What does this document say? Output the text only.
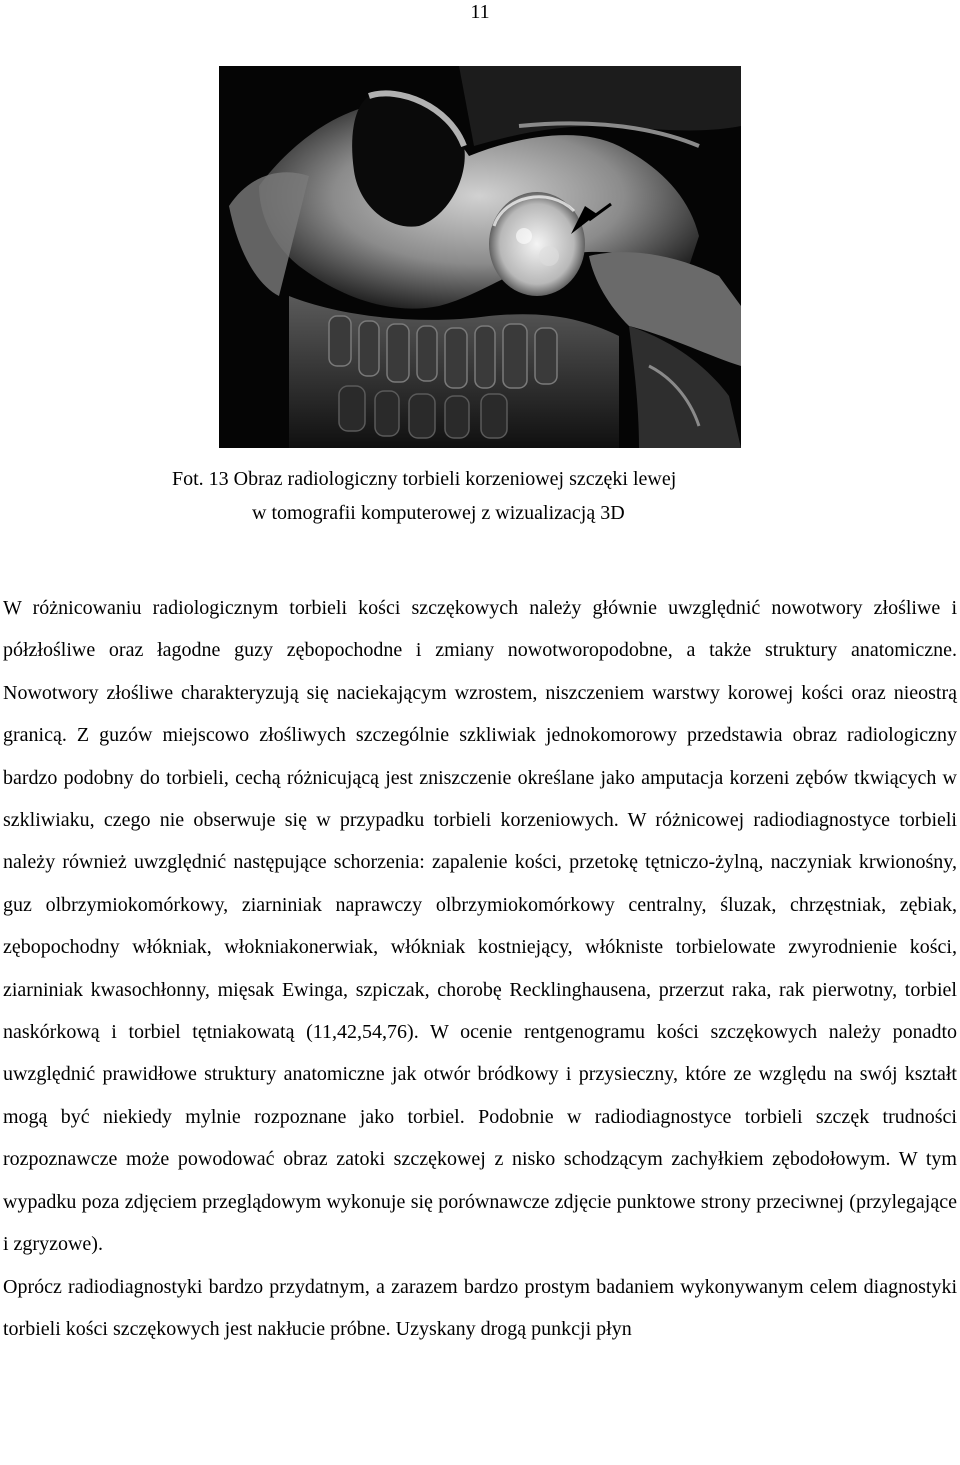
11
Fot. 13 Obraz radiologiczny torbieli korzeniowej szczęki lewej
w tomografii komputerowej z wizualizacją 3D

W różnicowaniu radiologicznym torbieli kości szczękowych należy głównie uwzględnić nowotwory złośliwe i półzłośliwe oraz łagodne guzy zębopochodne i zmiany nowotworopodobne, a także struktury anatomiczne. Nowotwory złośliwe charakteryzują się naciekającym wzrostem, niszczeniem warstwy korowej kości oraz nieostrą granicą. Z guzów miejscowo złośliwych szczególnie szkliwiak jednokomorowy przedstawia obraz radiologiczny bardzo podobny do torbieli, cechą różnicującą jest zniszczenie określane jako amputacja korzeni zębów tkwiących w szkliwiaku, czego nie obserwuje się w przypadku torbieli korzeniowych. W różnicowej radiodiagnostyce torbieli należy również uwzględnić następujące schorzenia: zapalenie kości, przetokę tętniczo-żylną, naczyniak krwionośny, guz olbrzymiokomórkowy, ziarniniak naprawczy olbrzymiokomórkowy centralny, śluzak, chrzęstniak, zębiak, zębopochodny włókniak, włokniakonerwiak, włókniak kostniejący, włókniste torbielowate zwyrodnienie kości, ziarniniak kwasochłonny, mięsak Ewinga, szpiczak, chorobę Recklinghausena, przerzut raka, rak pierwotny, torbiel naskórkową i torbiel tętniakowatą (11,42,54,76). W ocenie rentgenogramu kości szczękowych należy ponadto uwzględnić prawidłowe struktury anatomiczne jak otwór bródkowy i przysieczny, które ze względu na swój kształt mogą być niekiedy mylnie rozpoznane jako torbiel. Podobnie w radiodiagnostyce torbieli szczęk trudności rozpoznawcze może powodować obraz zatoki szczękowej z nisko schodzącym zachyłkiem zębodołowym. W tym wypadku poza zdjęciem przeglądowym wykonuje się porównawcze zdjęcie punktowe strony przeciwnej (przylegające i zgryzowe).

Oprócz radiodiagnostyki bardzo przydatnym, a zarazem bardzo prostym badaniem wykonywanym celem diagnostyki torbieli kości szczękowych jest nakłucie próbne. Uzyskany drogą punkcji płyn
